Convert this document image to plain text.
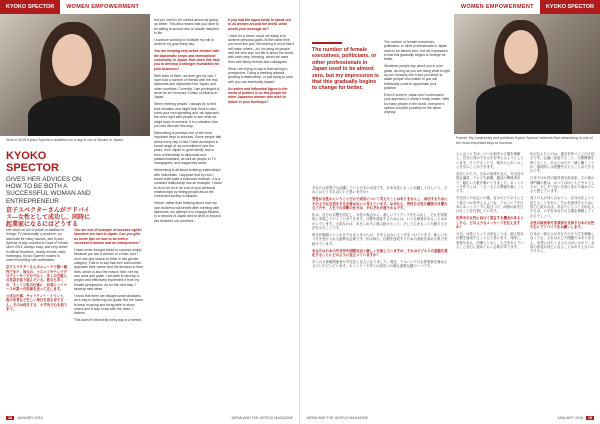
KYOKO SPECTOR	WOMEN EMPOWERMENT
Shot in 2016 Kyoko Spector's activities on a day in out of Minato in Japan.
KYOKO SPECTOR
GIVES HER ADVICES ON HOW TO BE BOTH A SUCCESSFUL WOMAN AND ENTREPRENEUR
京子スペクターさんがアドバイス—女性として成功し、同時に起業家になるにはどうする

Her steps on full of public in addition to foreign TV personality a producer, an advocate for many causes, and Kyoko Spector is also married to Dave of Hinata since 2014. Always busy, and very active in official functions, charity events, early eveningss, Kyoko Spector makes to meet everything she undertakes.

京子スペクターさんのユニークで強い個性でまた、地元の、マスコミやテレビプロデューサーだけでなく、多くの芸能人の世話を取り組んでいる。彼女も多くの、そして公私の仕事に、非常にハイペースが第一の知事を送って正します。

公式な行事、チャリティー・イベント、夜の会食など忙しい毎日を送る京子さん。そのは何をする、小手先で心を取りまで。

You are one of example of success rights! Numbers are man in Japan. Can you give us some tips on how to be both a successful woman and an entrepreneur?

I have never thought about to success simply because you are a woman or a man, and I don't see any reason to think in this gender category. That is to say that men and women approach their career and the decision in their lives, which is also the reason that I set my own aims and goals. I am able to develop a project and effectively implement it from my female perspective. As for the next step, I develop new ideas.

I know that there are always some obstacles as a way to achieving our goals. But the focus is keep on going and being able to show others and a way to act with the heart. I believe.

This doesn't mean that every day is a breeze,

but you need to be careful about not giving up better. This also means that you have to be willing to accept new or unsafe manners to life.

I continue working to motivate my will to achieve my goal every day.

You are keeping very active contact with the diplomatic corps and international community in Japan. How does this help you to develop a stronger foundation for your business?

With each of them, we then get my own. I have had a number of friends with the real diplomats and diplomats from Japan, and other countries. Currently, I am privileged to serve as an Honorary Consul of Albania in Japan.

When meeting people, I always try to find their situation and might help think to also know your own speaking and, we approach, the more right with people to see what we might learn to connect. It is a situation that you can discover this way.

Networking is perhaps one of the most important keys to success. Some people talk about every day in fact I have developed a broad range of my commitment over the years, from Japan to good family, and or form of friendship to diplomats and parliamentarians, as well as people in TV, newspapers, and magazines world.

Networking is all about building relationships with individuals. I suppose that by now I would build quite a extensive network. It is a constant relationship has an example. I focus to do to be an in an end of your personal relationships by telling people about the connected society in Albania.

Hence, rather than thinking about how my own business will benefit after meeting with diplomats, my attempt is to engage Albania to a network of Japan and to seek to expand ties between our countries.

If you had the opportunity to speak out to all women around the world, what would your message be?

I think for a newer could me today is to achieve personal goals. At the same time, you must live your life bearing in mind that it will make others—do, focusing on people with the kind and, but life is about the world, with each step, blessing, which we need from with family friends and colleagues.

What I am trying to say is that having to perspective. Doing a meeting advises, growing a relationship, or just trying to work with you can eventually impact.

An active and influential figure in the world of politics is so few people for other Japanese women who wish to follow in your footsteps?

16	JANUARY 2016	JAPAN AND THE WORLD MAGAZINE
WOMEN EMPOWERMENT	KYOKO SPECTOR
The number of female executives, politicians, or other professionals in Japan used to be almost zero, but my impression is that this gradually begins to change for better.

The number of female executives, politicians, or other professionals in Japan used to be almost zero, but my impression is that this gradually begins to change for better.

Whatever people say about you in your goals, as long as you are doing what is right as you honestly see it and you strive to attain people who matter to you will eventually come to appreciate your position.

Even if some in Japan don't understand your approach, it doesn't really matter. With so many people in the world, everyone's opinion wouldn't possibly be the same anyway.

あなたは世界でも活躍している日本の女性です。日本女性にもっと活躍してほしいと、それにはどうすればいいと思いますか?

男性か女性かということだけで成功について考えたことはありませんし、成功するためにそのような区別をする必要はないと考えています。なぜなら、男性も女性も職業の目標の立て方や、人生での決断の仕方は、それぞれが違うからです。

私は、自分の目標を設定し、女性の視点から、新しいアイディアを生み出し、それを効果的に実現していくことができます。目標を達成するためには、いつも障害があることはわかっています。大切なのは、あきらめずに進み続けること、そして心をもって行動する方法を示すことです。

毎日が順調というわけではありませんが、あきらめないよう気をつけています。新しいやり方を受け入れる姿勢も必要です。私は毎日、目標を達成するための意欲を高める努力を続けています。

あなたは日本の外交団や国際社会と親しく交流していますが、それはビジネスの基盤を強化することにどのように役立っていますか?

多くの大使館関係者や外交官と友人になりました。現在、アルバニアの名誉領事を務めさせていただいています。ネットワーク作りは成功への最も重要な鍵の一つです。

Former Hiy community and politician Kyoko Spector believes that networking is one of the most important keys to success.

人と会うときは、いつも相手の立場を理解し、自分に何ができるかを考えるようにしています。そうすることで、相手から多くのことを学ぶことができます。

長年にわたり、日本の家族や友人、外交官や国会議員、テレビや新聞、雑誌の関係者まで、幅広い人脈を築いてきました。ネットワーク作りとは、一人一人との関係を築くことです。

外交官との出会いの後、自分のビジネスにどう役立つかを考えるよりも、アルバニアを日本のネットワークに結びつけ、両国の絆を広げることを目指しています。

世界中の女性に向けて発言する機会があるとしたら、どのようなメッセージを伝えますか?

今日、女性にとって大切なことは、個人的な目標を達成することだと思います。同時に、家族や友人、同僚とともに、人生を歩んでいることを心に留めておく必要があります。

私が伝えたいのは、視点を持つことの大切さです。会議に参加すること、人間関係を育てること、あるいはただ一緒に働くことが、最終的には影響を与えることができるのです。

日本では女性の経営者や政治家、その他の専門職の数は、かつてはほとんどゼロでしたが、少しずつ良い方向に変わり始めていると感じています。

周りの人が何と言おうと、自分が正しいと信じることを行い、それを達成するために努力し続ければ、あなたにとって大切な人たちは、いずれあなたの立場を理解してくれるでしょう。

女性の政治家や実業家を目指す日本の女性たちにアドバイスをお願いします。

日本の一部の人があなたのやり方を理解しなくても、それは大した問題ではありません。世界にはたくさんの人がいるので、全員の意見が同じになることはありえないのですから。

JAPAN AND THE WORLD MAGAZINE	JANUARY 2016	19
